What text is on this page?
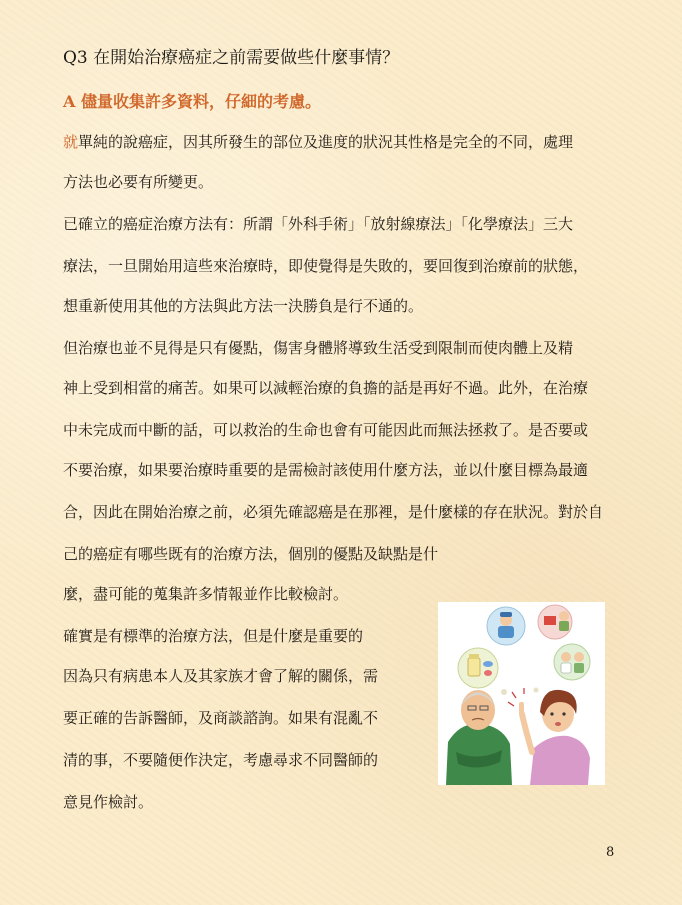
Q3 在開始治療癌症之前需要做些什麼事情？
A 儘量收集許多資料，仔細的考慮。
就單純的說癌症，因其所發生的部位及進度的狀況其性格是完全的不同，處理
方法也必要有所變更。
已確立的癌症治療方法有：所謂「外科手術」「放射線療法」「化學療法」三大
療法，一旦開始用這些來治療時，即使覺得是失敗的，要回復到治療前的狀態，
想重新使用其他的方法與此方法一決勝負是行不通的。
但治療也並不見得是只有優點，傷害身體將導致生活受到限制而使肉體上及精
神上受到相當的痛苦。如果可以減輕治療的負擔的話是再好不過。此外，在治療
中未完成而中斷的話，可以救治的生命也會有可能因此而無法拯救了。是否要或
不要治療，如果要治療時重要的是需檢討該使用什麼方法，並以什麼目標為最適
合，因此在開始治療之前，必須先確認癌是在那裡，是什麼樣的存在狀況。對於自
己的癌症有哪些既有的治療方法，個別的優點及缺點是什
麼，盡可能的蒐集許多情報並作比較檢討。
確實是有標準的治療方法，但是什麼是重要的
因為只有病患本人及其家族才會了解的關係，需
要正確的告訴醫師，及商談諮詢。如果有混亂不
清的事，不要隨便作決定，考慮尋求不同醫師的
意見作檢討。
8
